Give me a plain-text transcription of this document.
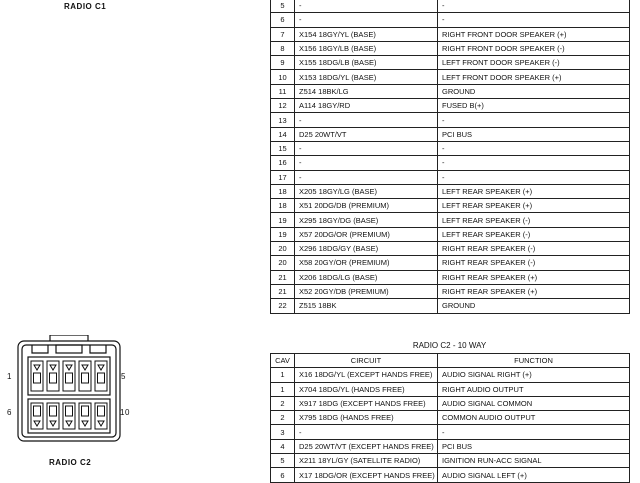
RADIO C1	5	-	-
6	-	-
7	X154 18GY/YL (BASE)	RIGHT FRONT DOOR SPEAKER (+)
8	X156 18GY/LB (BASE)	RIGHT FRONT DOOR SPEAKER (-)
9	X155 18DG/LB (BASE)	LEFT FRONT DOOR SPEAKER (-)
10	X153 18DG/YL (BASE)	LEFT FRONT DOOR SPEAKER (+)
11	Z514 18BK/LG	GROUND
12	A114 18GY/RD	FUSED B(+)
13	-	-
14	D25 20WT/VT	PCI BUS
15	-	-
16	-	-
17	-	-
18	X205 18GY/LG (BASE)	LEFT REAR SPEAKER (+)
18	X51 20DG/DB (PREMIUM)	LEFT REAR SPEAKER (+)
19	X295 18GY/DG (BASE)	LEFT REAR SPEAKER (-)
19	X57 20DG/OR (PREMIUM)	LEFT REAR SPEAKER (-)
20	X296 18DG/GY (BASE)	RIGHT REAR SPEAKER (-)
20	X58 20GY/OR (PREMIUM)	RIGHT REAR SPEAKER (-)
21	X206 18DG/LG (BASE)	RIGHT REAR SPEAKER (+)
21	X52 20GY/DB (PREMIUM)	RIGHT REAR SPEAKER (+)
22	Z515 18BK	GROUND
RADIO C2 - 10 WAY
CAV	CIRCUIT	FUNCTION
1	X16 18DG/YL (EXCEPT HANDS FREE)	AUDIO SIGNAL RIGHT (+)
1	X704 18DG/YL (HANDS FREE)	RIGHT AUDIO OUTPUT
2	X917 18DG (EXCEPT HANDS FREE)	AUDIO SIGNAL COMMON
2	X795 18DG (HANDS FREE)	COMMON AUDIO OUTPUT
3	-	-
4	D25 20WT/VT (EXCEPT HANDS FREE)	PCI BUS
5	X211 18YL/GY (SATELLITE RADIO)	IGNITION RUN-ACC SIGNAL
6	X17 18DG/OR (EXCEPT HANDS FREE)	AUDIO SIGNAL LEFT (+)
1	5
6	10
RADIO C2
